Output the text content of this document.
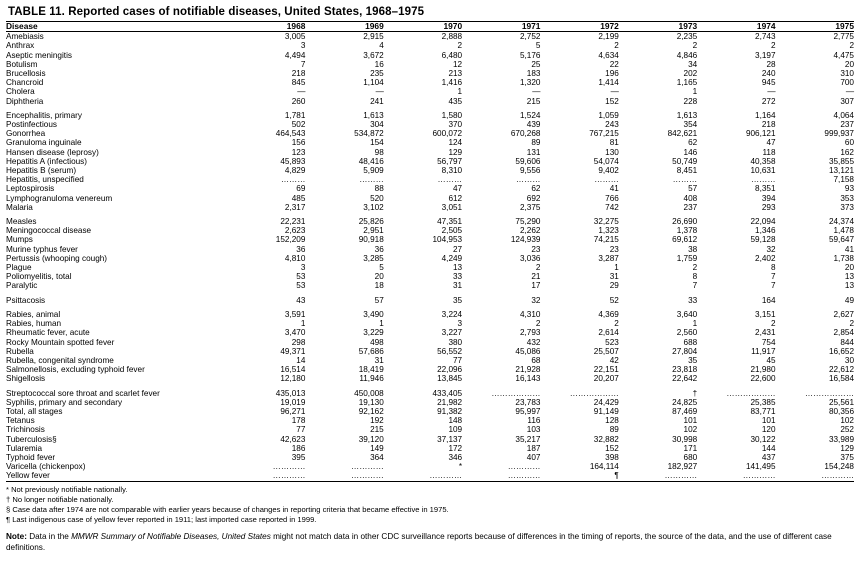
TABLE 11. Reported cases of notifiable diseases, United States, 1968–1975
Disease	1968	1969	1970	1971	1972	1973	1974	1975
Amebiasis	3,005	2,915	2,888	2,752	2,199	2,235	2,743	2,775
Anthrax	3	4	2	5	2	2	2	2
Aseptic meningitis	4,494	3,672	6,480	5,176	4,634	4,846	3,197	4,475
Botulism	7	16	12	25	22	34	28	20
Brucellosis	218	235	213	183	196	202	240	310
Chancroid	845	1,104	1,416	1,320	1,414	1,165	945	700
Cholera	—	—	1	—	—	1	—	—
Diphtheria	260	241	435	215	152	228	272	307

Encephalitis, primary	1,781	1,613	1,580	1,524	1,059	1,613	1,164	4,064
Postinfectious	502	304	370	439	243	354	218	237
Gonorrhea	464,543	534,872	600,072	670,268	767,215	842,621	906,121	999,937
Granuloma inguinale	156	154	124	89	81	62	47	60
Hansen disease (leprosy)	123	98	129	131	130	146	118	162
Hepatitis A (infectious)	45,893	48,416	56,797	59,606	54,074	50,749	40,358	35,855
Hepatitis B (serum)	4,829	5,909	8,310	9,556	9,402	8,451	10,631	13,121
Hepatitis, unspecified	………	………	………	………	………	………	………	7,158
Leptospirosis	69	88	47	62	41	57	8,351	93
Lymphogranuloma venereum	485	520	612	692	766	408	394	353
Malaria	2,317	3,102	3,051	2,375	742	237	293	373

Measles	22,231	25,826	47,351	75,290	32,275	26,690	22,094	24,374
Meningococcal disease	2,623	2,951	2,505	2,262	1,323	1,378	1,346	1,478
Mumps	152,209	90,918	104,953	124,939	74,215	69,612	59,128	59,647
Murine typhus fever	36	36	27	23	23	38	32	41
Pertussis (whooping cough)	4,810	3,285	4,249	3,036	3,287	1,759	2,402	1,738
Plague	3	5	13	2	1	2	8	20
Poliomyelitis, total	53	20	33	21	31	8	7	13
Paralytic	53	18	31	17	29	7	7	13

Psittacosis	43	57	35	32	52	33	164	49

Rabies, animal	3,591	3,490	3,224	4,310	4,369	3,640	3,151	2,627
Rabies, human	1	1	3	2	2	1	2	2
Rheumatic fever, acute	3,470	3,229	3,227	2,793	2,614	2,560	2,431	2,854
Rocky Mountain spotted fever	298	498	380	432	523	688	754	844
Rubella	49,371	57,686	56,552	45,086	25,507	27,804	11,917	16,652
Rubella, congenital syndrome	14	31	77	68	42	35	45	30
Salmonellosis, excluding typhoid fever	16,514	18,419	22,096	21,928	22,151	23,818	21,980	22,612
Shigellosis	12,180	11,946	13,845	16,143	20,207	22,642	22,600	16,584

Streptococcal sore throat and scarlet fever	435,013	450,008	433,405	………………	………………	†	………………	………………
Syphilis, primary and secondary	19,019	19,130	21,982	23,783	24,429	24,825	25,385	25,561
Total, all stages	96,271	92,162	91,382	95,997	91,149	87,469	83,771	80,356
Tetanus	178	192	148	116	128	101	101	102
Trichinosis	77	215	109	103	89	102	120	252
Tuberculosis§	42,623	39,120	37,137	35,217	32,882	30,998	30,122	33,989
Tularemia	186	149	172	187	152	171	144	129
Typhoid fever	395	364	346	407	398	680	437	375
Varicella (chickenpox)	…………	…………	*	…………	164,114	182,927	141,495	154,248
Yellow fever	…………	…………	…………	…………	¶	…………	…………	…………
* Not previously notifiable nationally.
† No longer notifiable nationally.
§ Case data after 1974 are not comparable with earlier years because of changes in reporting criteria that became effective in 1975.
¶ Last indigenous case of yellow fever reported in 1911; last imported case reported in 1999.
Note: Data in the MMWR Summary of Notifiable Diseases, United States might not match data in other CDC surveillance reports because of differences in the timing of reports, the source of the data, and the use of different case definitions.
